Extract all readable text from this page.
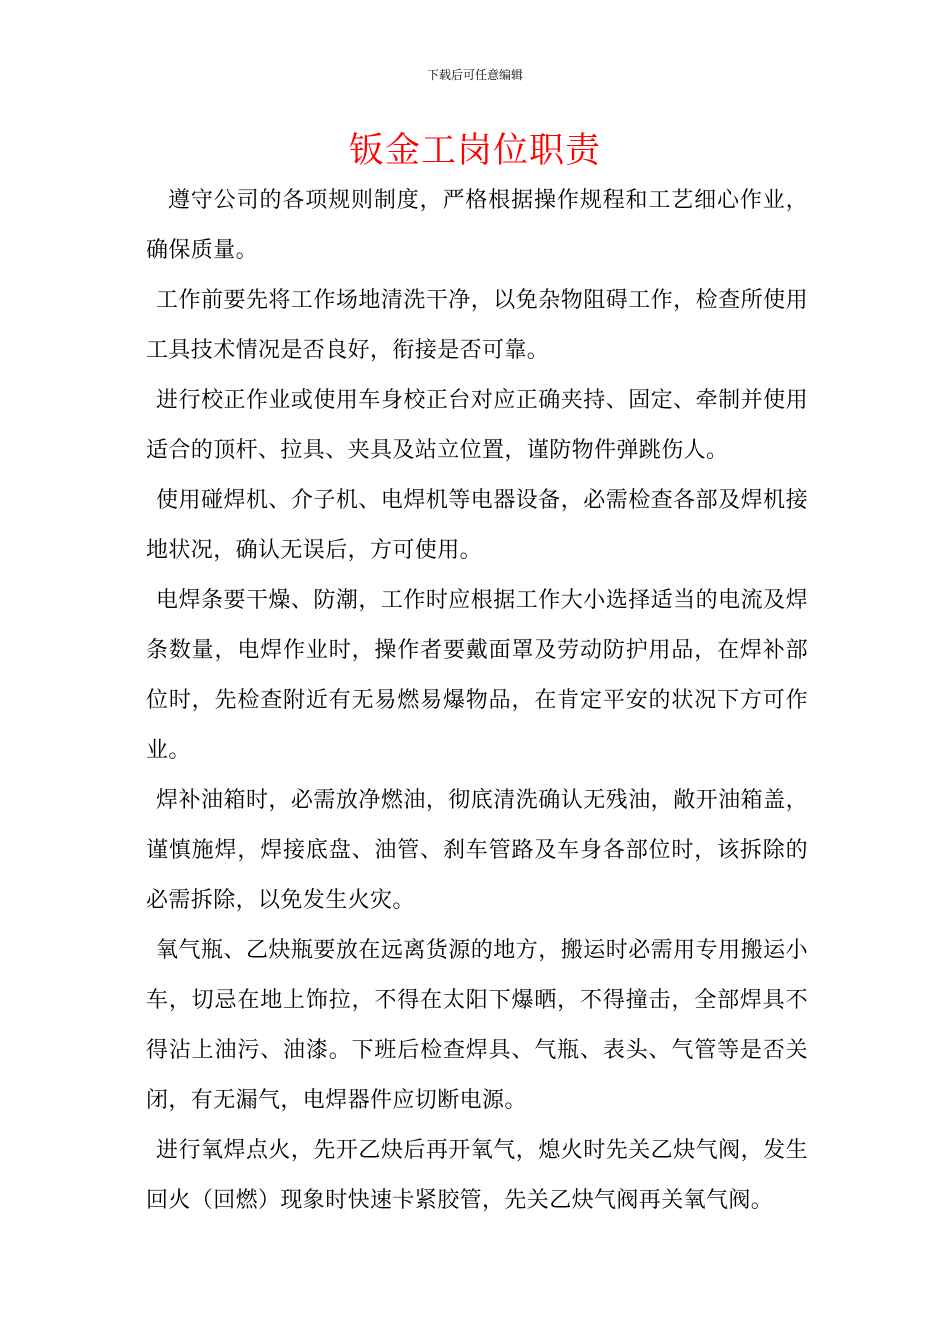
下载后可任意编辑
钣金工岗位职责

遵守公司的各项规则制度，严格根据操作规程和工艺细心作业，确保质量。

工作前要先将工作场地清洗干净，以免杂物阻碍工作，检查所使用工具技术情况是否良好，衔接是否可靠。

进行校正作业或使用车身校正台对应正确夹持、固定、牵制并使用适合的顶杆、拉具、夹具及站立位置，谨防物件弹跳伤人。

使用碰焊机、介子机、电焊机等电器设备，必需检查各部及焊机接地状况，确认无误后，方可使用。

电焊条要干燥、防潮，工作时应根据工作大小选择适当的电流及焊条数量，电焊作业时，操作者要戴面罩及劳动防护用品，在焊补部位时，先检查附近有无易燃易爆物品，在肯定平安的状况下方可作业。

焊补油箱时，必需放净燃油，彻底清洗确认无残油，敞开油箱盖，谨慎施焊，焊接底盘、油管、刹车管路及车身各部位时，该拆除的必需拆除，以免发生火灾。

氧气瓶、乙炔瓶要放在远离货源的地方，搬运时必需用专用搬运小车，切忌在地上饰拉，不得在太阳下爆晒，不得撞击，全部焊具不得沾上油污、油漆。下班后检查焊具、气瓶、表头、气管等是否关闭，有无漏气，电焊器件应切断电源。

进行氧焊点火，先开乙炔后再开氧气，熄火时先关乙炔气阀，发生回火（回燃）现象时快速卡紧胶管，先关乙炔气阀再关氧气阀。
